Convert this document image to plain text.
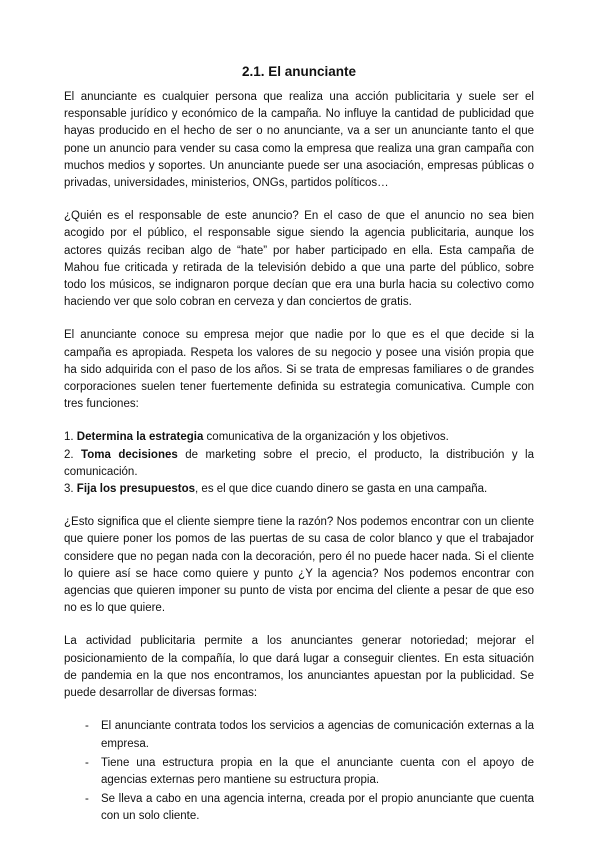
2.1. El anunciante

El anunciante es cualquier persona que realiza una acción publicitaria y suele ser el responsable jurídico y económico de la campaña. No influye la cantidad de publicidad que hayas producido en el hecho de ser o no anunciante, va a ser un anunciante tanto el que pone un anuncio para vender su casa como la empresa que realiza una gran campaña con muchos medios y soportes. Un anunciante puede ser una asociación, empresas públicas o privadas, universidades, ministerios, ONGs, partidos políticos…

¿Quién es el responsable de este anuncio? En el caso de que el anuncio no sea bien acogido por el público, el responsable sigue siendo la agencia publicitaria, aunque los actores quizás reciban algo de “hate” por haber participado en ella. Esta campaña de Mahou fue criticada y retirada de la televisión debido a que una parte del público, sobre todo los músicos, se indignaron porque decían que era una burla hacia su colectivo como haciendo ver que solo cobran en cerveza y dan conciertos de gratis.

El anunciante conoce su empresa mejor que nadie por lo que es el que decide si la campaña es apropiada. Respeta los valores de su negocio y posee una visión propia que ha sido adquirida con el paso de los años. Si se trata de empresas familiares o de grandes corporaciones suelen tener fuertemente definida su estrategia comunicativa. Cumple con tres funciones:

1. Determina la estrategia comunicativa de la organización y los objetivos.

2. Toma decisiones de marketing sobre el precio, el producto, la distribución y la comunicación.

3. Fija los presupuestos, es el que dice cuando dinero se gasta en una campaña.

¿Esto significa que el cliente siempre tiene la razón? Nos podemos encontrar con un cliente que quiere poner los pomos de las puertas de su casa de color blanco y que el trabajador considere que no pegan nada con la decoración, pero él no puede hacer nada. Si el cliente lo quiere así se hace como quiere y punto ¿Y la agencia? Nos podemos encontrar con agencias que quieren imponer su punto de vista por encima del cliente a pesar de que eso no es lo que quiere.

La actividad publicitaria permite a los anunciantes generar notoriedad; mejorar el posicionamiento de la compañía, lo que dará lugar a conseguir clientes. En esta situación de pandemia en la que nos encontramos, los anunciantes apuestan por la publicidad. Se puede desarrollar de diversas formas:

- El anunciante contrata todos los servicios a agencias de comunicación externas a la empresa.
- Tiene una estructura propia en la que el anunciante cuenta con el apoyo de agencias externas pero mantiene su estructura propia.
- Se lleva a cabo en una agencia interna, creada por el propio anunciante que cuenta con un solo cliente.
